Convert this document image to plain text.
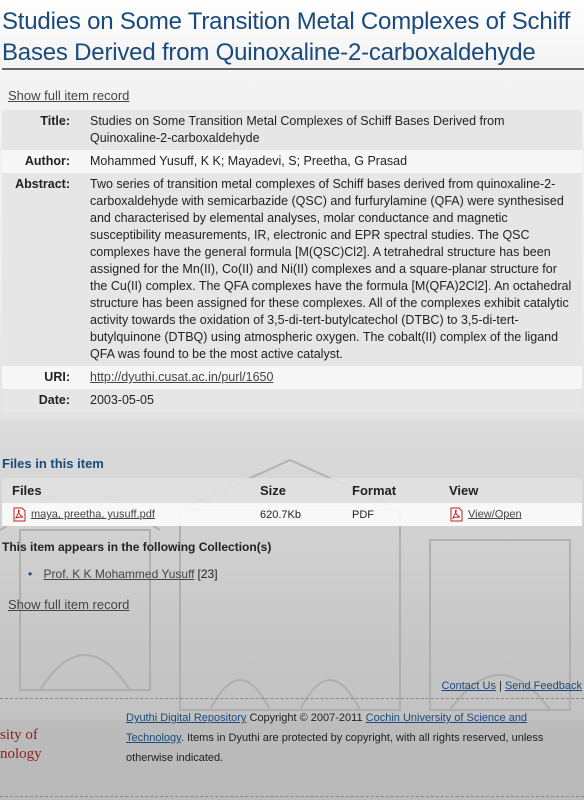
Studies on Some Transition Metal Complexes of Schiff Bases Derived from Quinoxaline-2-carboxaldehyde
Show full item record
Title:	Studies on Some Transition Metal Complexes of Schiff Bases Derived from Quinoxaline-2-carboxaldehyde
Author:	Mohammed Yusuff, K K; Mayadevi, S; Preetha, G Prasad
Abstract:	Two series of transition metal complexes of Schiff bases derived from quinoxaline-2-carboxaldehyde with semicarbazide (QSC) and furfurylamine (QFA) were synthesised and characterised by elemental analyses, molar conductance and magnetic susceptibility measurements, IR, electronic and EPR spectral studies. The QSC complexes have the general formula [M(QSC)Cl2]. A tetrahedral structure has been assigned for the Mn(II), Co(II) and Ni(II) complexes and a square-planar structure for the Cu(II) complex. The QFA complexes have the formula [M(QFA)2Cl2]. An octahedral structure has been assigned for these complexes. All of the complexes exhibit catalytic activity towards the oxidation of 3,5-di-tert-butylcatechol (DTBC) to 3,5-di-tert-butylquinone (DTBQ) using atmospheric oxygen. The cobalt(II) complex of the ligand QFA was found to be the most active catalyst.
URI:	http://dyuthi.cusat.ac.in/purl/1650
Date:	2003-05-05
Files in this item
Files	Size	Format	View
maya, preetha, yusuff.pdf	620.7Kb	PDF	View/Open
This item appears in the following Collection(s)
• Prof. K K Mohammed Yusuff [23]
Show full item record
Contact Us | Send Feedback
sity of
nology
Dyuthi Digital Repository Copyright © 2007-2011 Cochin University of Science and Technology. Items in Dyuthi are protected by copyright, with all rights reserved, unless otherwise indicated.
